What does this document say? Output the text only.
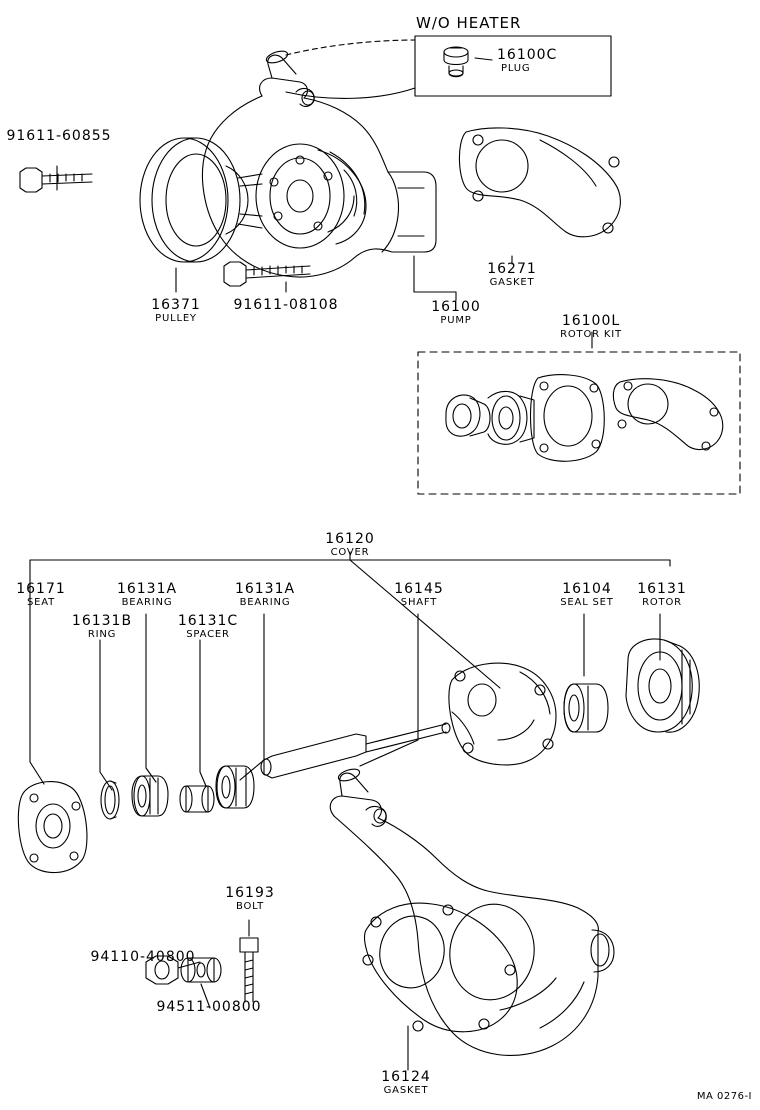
W/O HEATER
16100C
PLUG
16100L
ROTOR KIT
91611-60855
16371
PULLEY
91611-08108	16100
PUMP
16271
GASKET
16120
COVER
16171
SEAT
16131B
RING
16131A
BEARING
16131C
SPACER
16131A
BEARING
16145
SHAFT
16104
SEAL SET
16131
ROTOR
16193
BOLT
94110-40800
94511-00800
16124
GASKET
MA 0276-I
